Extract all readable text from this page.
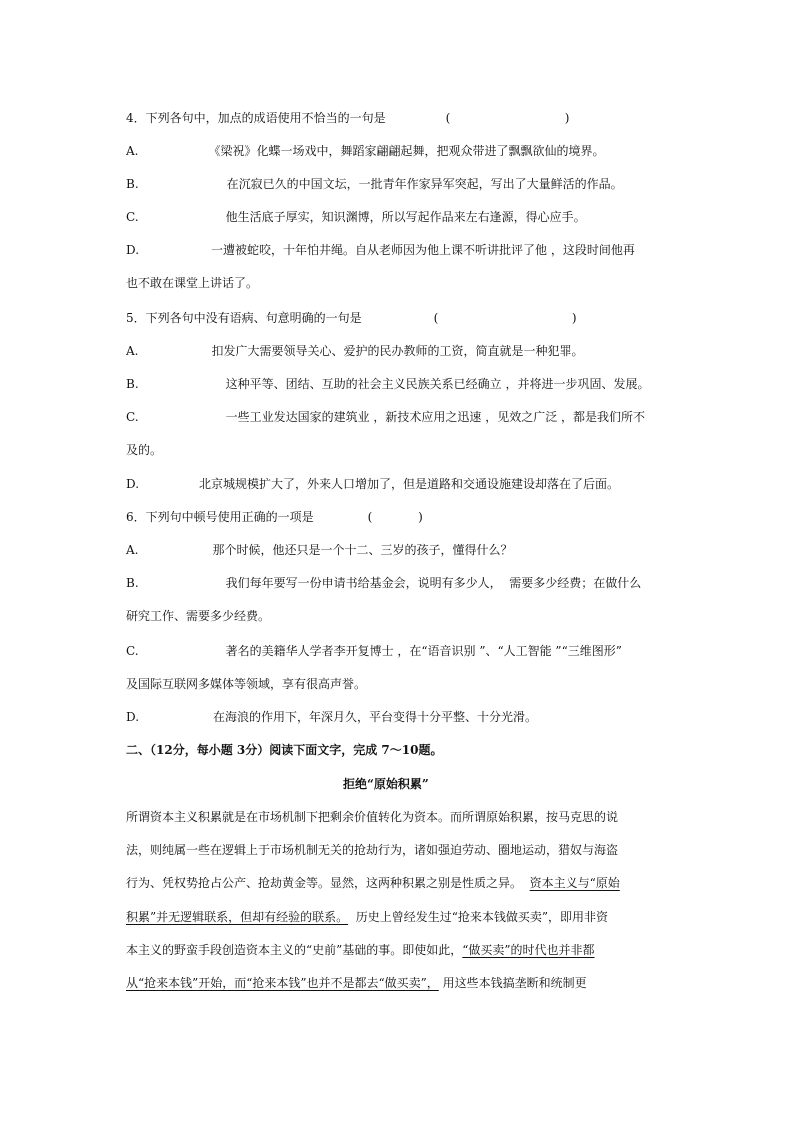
4．下列各句中，加点的成语使用不恰当的一句是	(                              )
A.	《梁祝》化蝶一场戏中，舞蹈家翩翩起舞，把观众带进了飘飘欲仙的境界。
B.	在沉寂已久的中国文坛，一批青年作家异军突起，写出了大量鲜活的作品。
C.	他生活底子厚实，知识渊博，所以写起作品来左右逢源，得心应手。
D.	一遭被蛇咬，十年怕井绳。自从老师因为他上课不听讲批评了他 ，这段时间他再
也不敢在课堂上讲话了。
5．下列各句中没有语病、句意明确的一句是	(                                   )
A.	扣发广大需要领导关心、爱护的民办教师的工资，简直就是一种犯罪。
B.	这种平等、团结、互助的社会主义民族关系已经确立 ，并将进一步巩固、发展。
C.	一些工业发达国家的建筑业 ，新技术应用之迅速 ，见效之广泛 ，都是我们所不
及的。
D.	北京城规模扩大了，外来人口增加了，但是道路和交通设施建设却落在了后面。
6．下列句中顿号使用正确的一项是	(            )
A.	那个时候，他还只是一个十二、三岁的孩子，懂得什么？
B.	我们每年要写一份申请书给基金会，说明有多少人，  需要多少经费；在做什么
研究工作、需要多少经费。
C.	著名的美籍华人学者李开复博士 ，在“语音识别 ”、“人工智能 ”“三维图形”
及国际互联网多媒体等领域，享有很高声誉。
D.	在海浪的作用下，年深月久，平台变得十分平整、十分光滑。
二、（12分，每小题 3分）阅读下面文字，完成 7～10题。
拒绝“原始积累”
所谓资本主义积累就是在市场机制下把剩余价值转化为资本。而所谓原始积累，按马克思的说
法，则纯属一些在逻辑上于市场机制无关的抢劫行为，诸如强迫劳动、圈地运动，猎奴与海盗
行为、凭权势抢占公产、抢劫黄金等。显然，这两种积累之别是性质之异。  资本主义与“原始
积累”并无逻辑联系，但却有经验的联系。  历史上曾经发生过“抢来本钱做买卖”，即用非资
本主义的野蛮手段创造资本主义的“史前”基础的事。即使如此，“做买卖”的时代也并非都
从“抢来本钱”开始，而“抢来本钱”也并不是都去“做买卖”， 用这些本钱搞垄断和统制更
